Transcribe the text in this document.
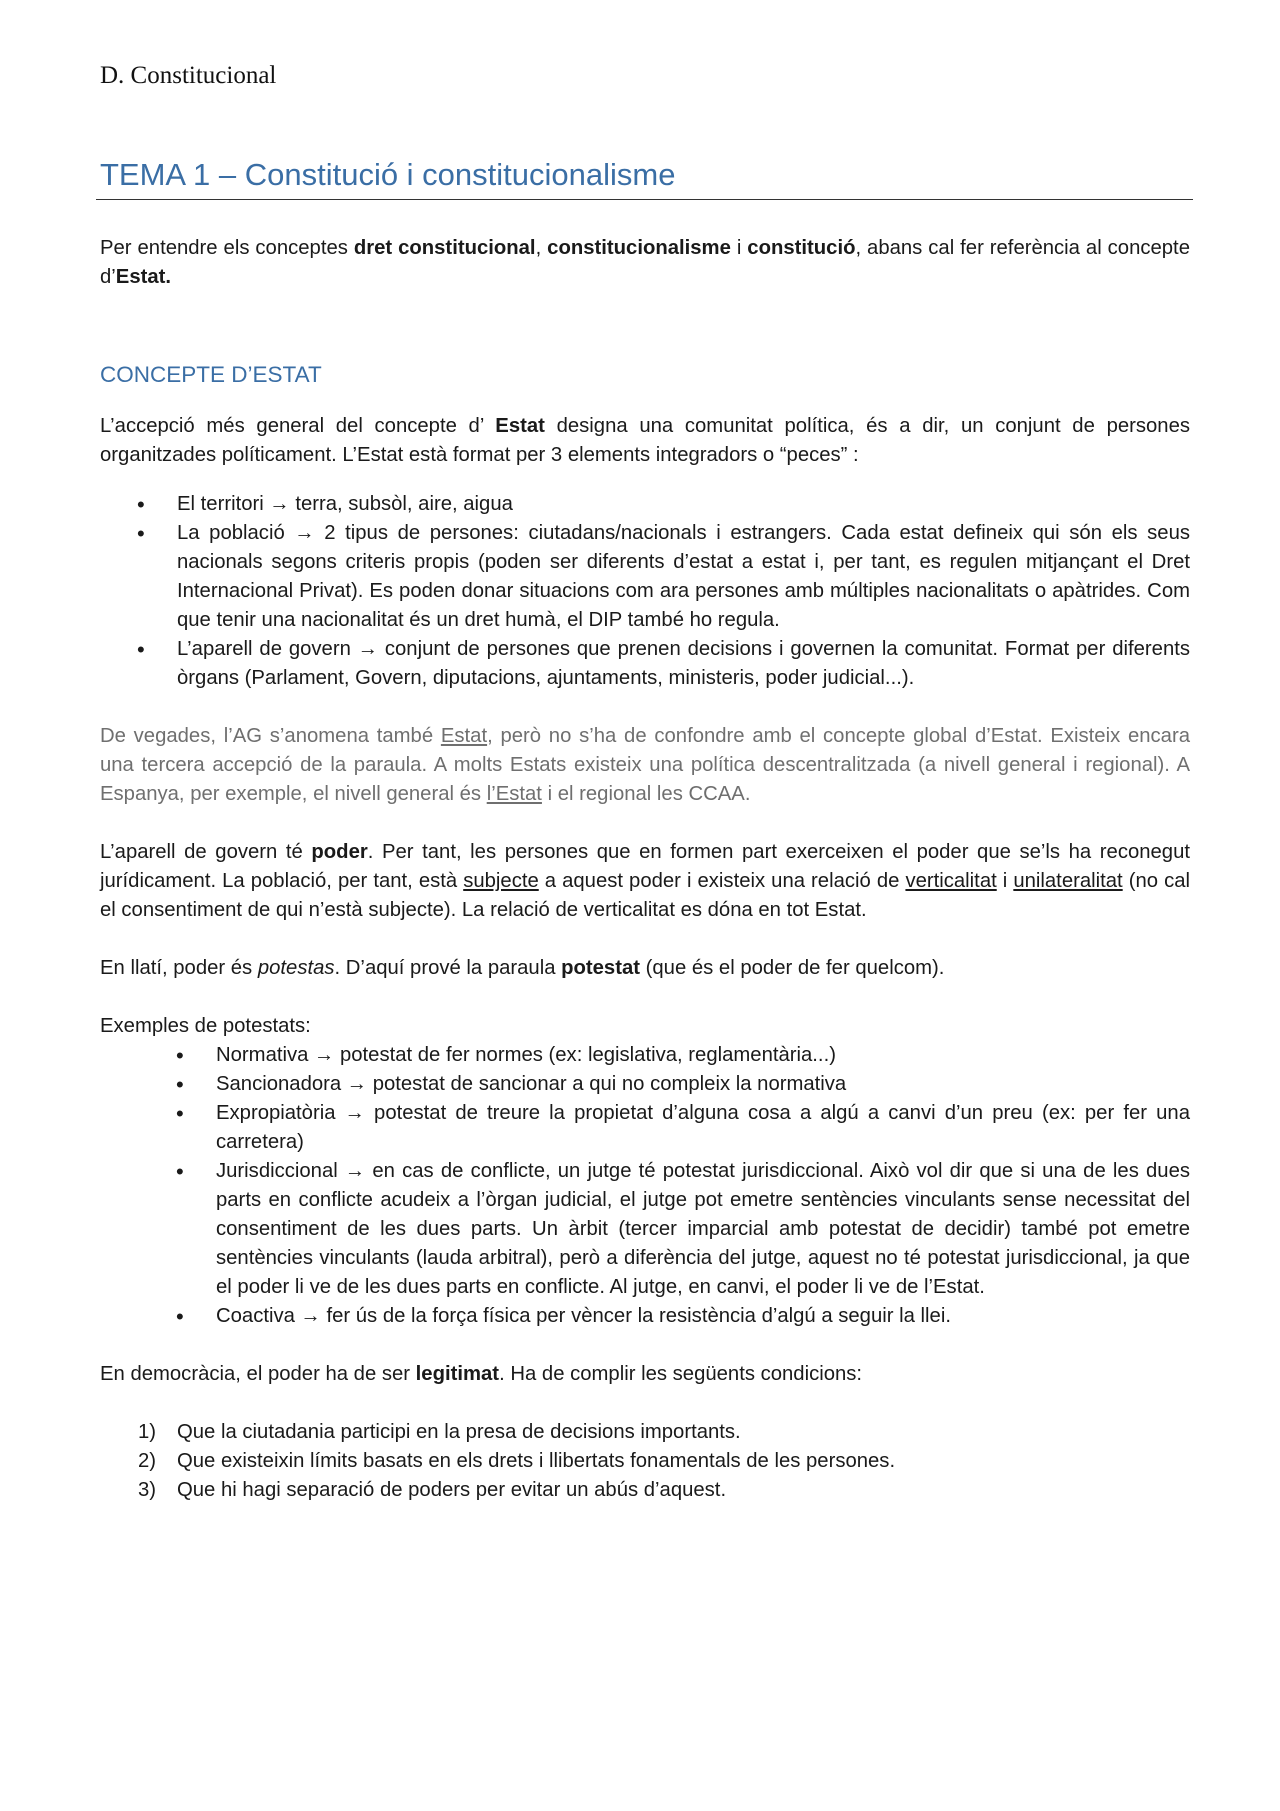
D. Constitucional
TEMA 1 – Constitució i constitucionalisme

Per entendre els conceptes dret constitucional, constitucionalisme i constitució, abans cal fer referència al concepte d’Estat.

CONCEPTE D’ESTAT

L’accepció més general del concepte d’ Estat designa una comunitat política, és a dir, un conjunt de persones organitzades políticament. L’Estat està format per 3 elements integradors o “peces” :

•
El territori → terra, subsòl, aire, aigua
•
La població → 2 tipus de persones: ciutadans/nacionals i estrangers. Cada estat defineix qui són els seus nacionals segons criteris propis (poden ser diferents d’estat a estat i, per tant, es regulen mitjançant el Dret Internacional Privat). Es poden donar situacions com ara persones amb múltiples nacionalitats o apàtrides. Com que tenir una nacionalitat és un dret humà, el DIP també ho regula.
•
L’aparell de govern → conjunt de persones que prenen decisions i governen la comunitat. Format per diferents òrgans (Parlament, Govern, diputacions, ajuntaments, ministeris, poder judicial...).

De vegades, l’AG s’anomena també Estat, però no s’ha de confondre amb el concepte global d’Estat. Existeix encara una tercera accepció de la paraula. A molts Estats existeix una política descentralitzada (a nivell general i regional). A Espanya, per exemple, el nivell general és l’Estat i el regional les CCAA.

L’aparell de govern té poder. Per tant, les persones que en formen part exerceixen el poder que se’ls ha reconegut jurídicament. La població, per tant, està subjecte a aquest poder i existeix una relació de verticalitat i unilateralitat (no cal el consentiment de qui n’està subjecte). La relació de verticalitat es dóna en tot Estat.

En llatí, poder és potestas. D’aquí prové la paraula potestat (que és el poder de fer quelcom).

Exemples de potestats:

•
Normativa → potestat de fer normes (ex: legislativa, reglamentària...)
•
Sancionadora → potestat de sancionar a qui no compleix la normativa
•
Expropiatòria → potestat de treure la propietat d’alguna cosa a algú a canvi d’un preu (ex: per fer una carretera)
•
Jurisdiccional → en cas de conflicte, un jutge té potestat jurisdiccional. Això vol dir que si una de les dues parts en conflicte acudeix a l’òrgan judicial, el jutge pot emetre sentències vinculants sense necessitat del consentiment de les dues parts. Un àrbit (tercer imparcial amb potestat de decidir) també pot emetre sentències vinculants (lauda arbitral), però a diferència del jutge, aquest no té potestat jurisdiccional, ja que el poder li ve de les dues parts en conflicte. Al jutge, en canvi, el poder li ve de l’Estat.
•
Coactiva → fer ús de la força física per vèncer la resistència d’algú a seguir la llei.

En democràcia, el poder ha de ser legitimat. Ha de complir les següents condicions:

1) Que la ciutadania participi en la presa de decisions importants.
2) Que existeixin límits basats en els drets i llibertats fonamentals de les persones.
3) Que hi hagi separació de poders per evitar un abús d’aquest.
